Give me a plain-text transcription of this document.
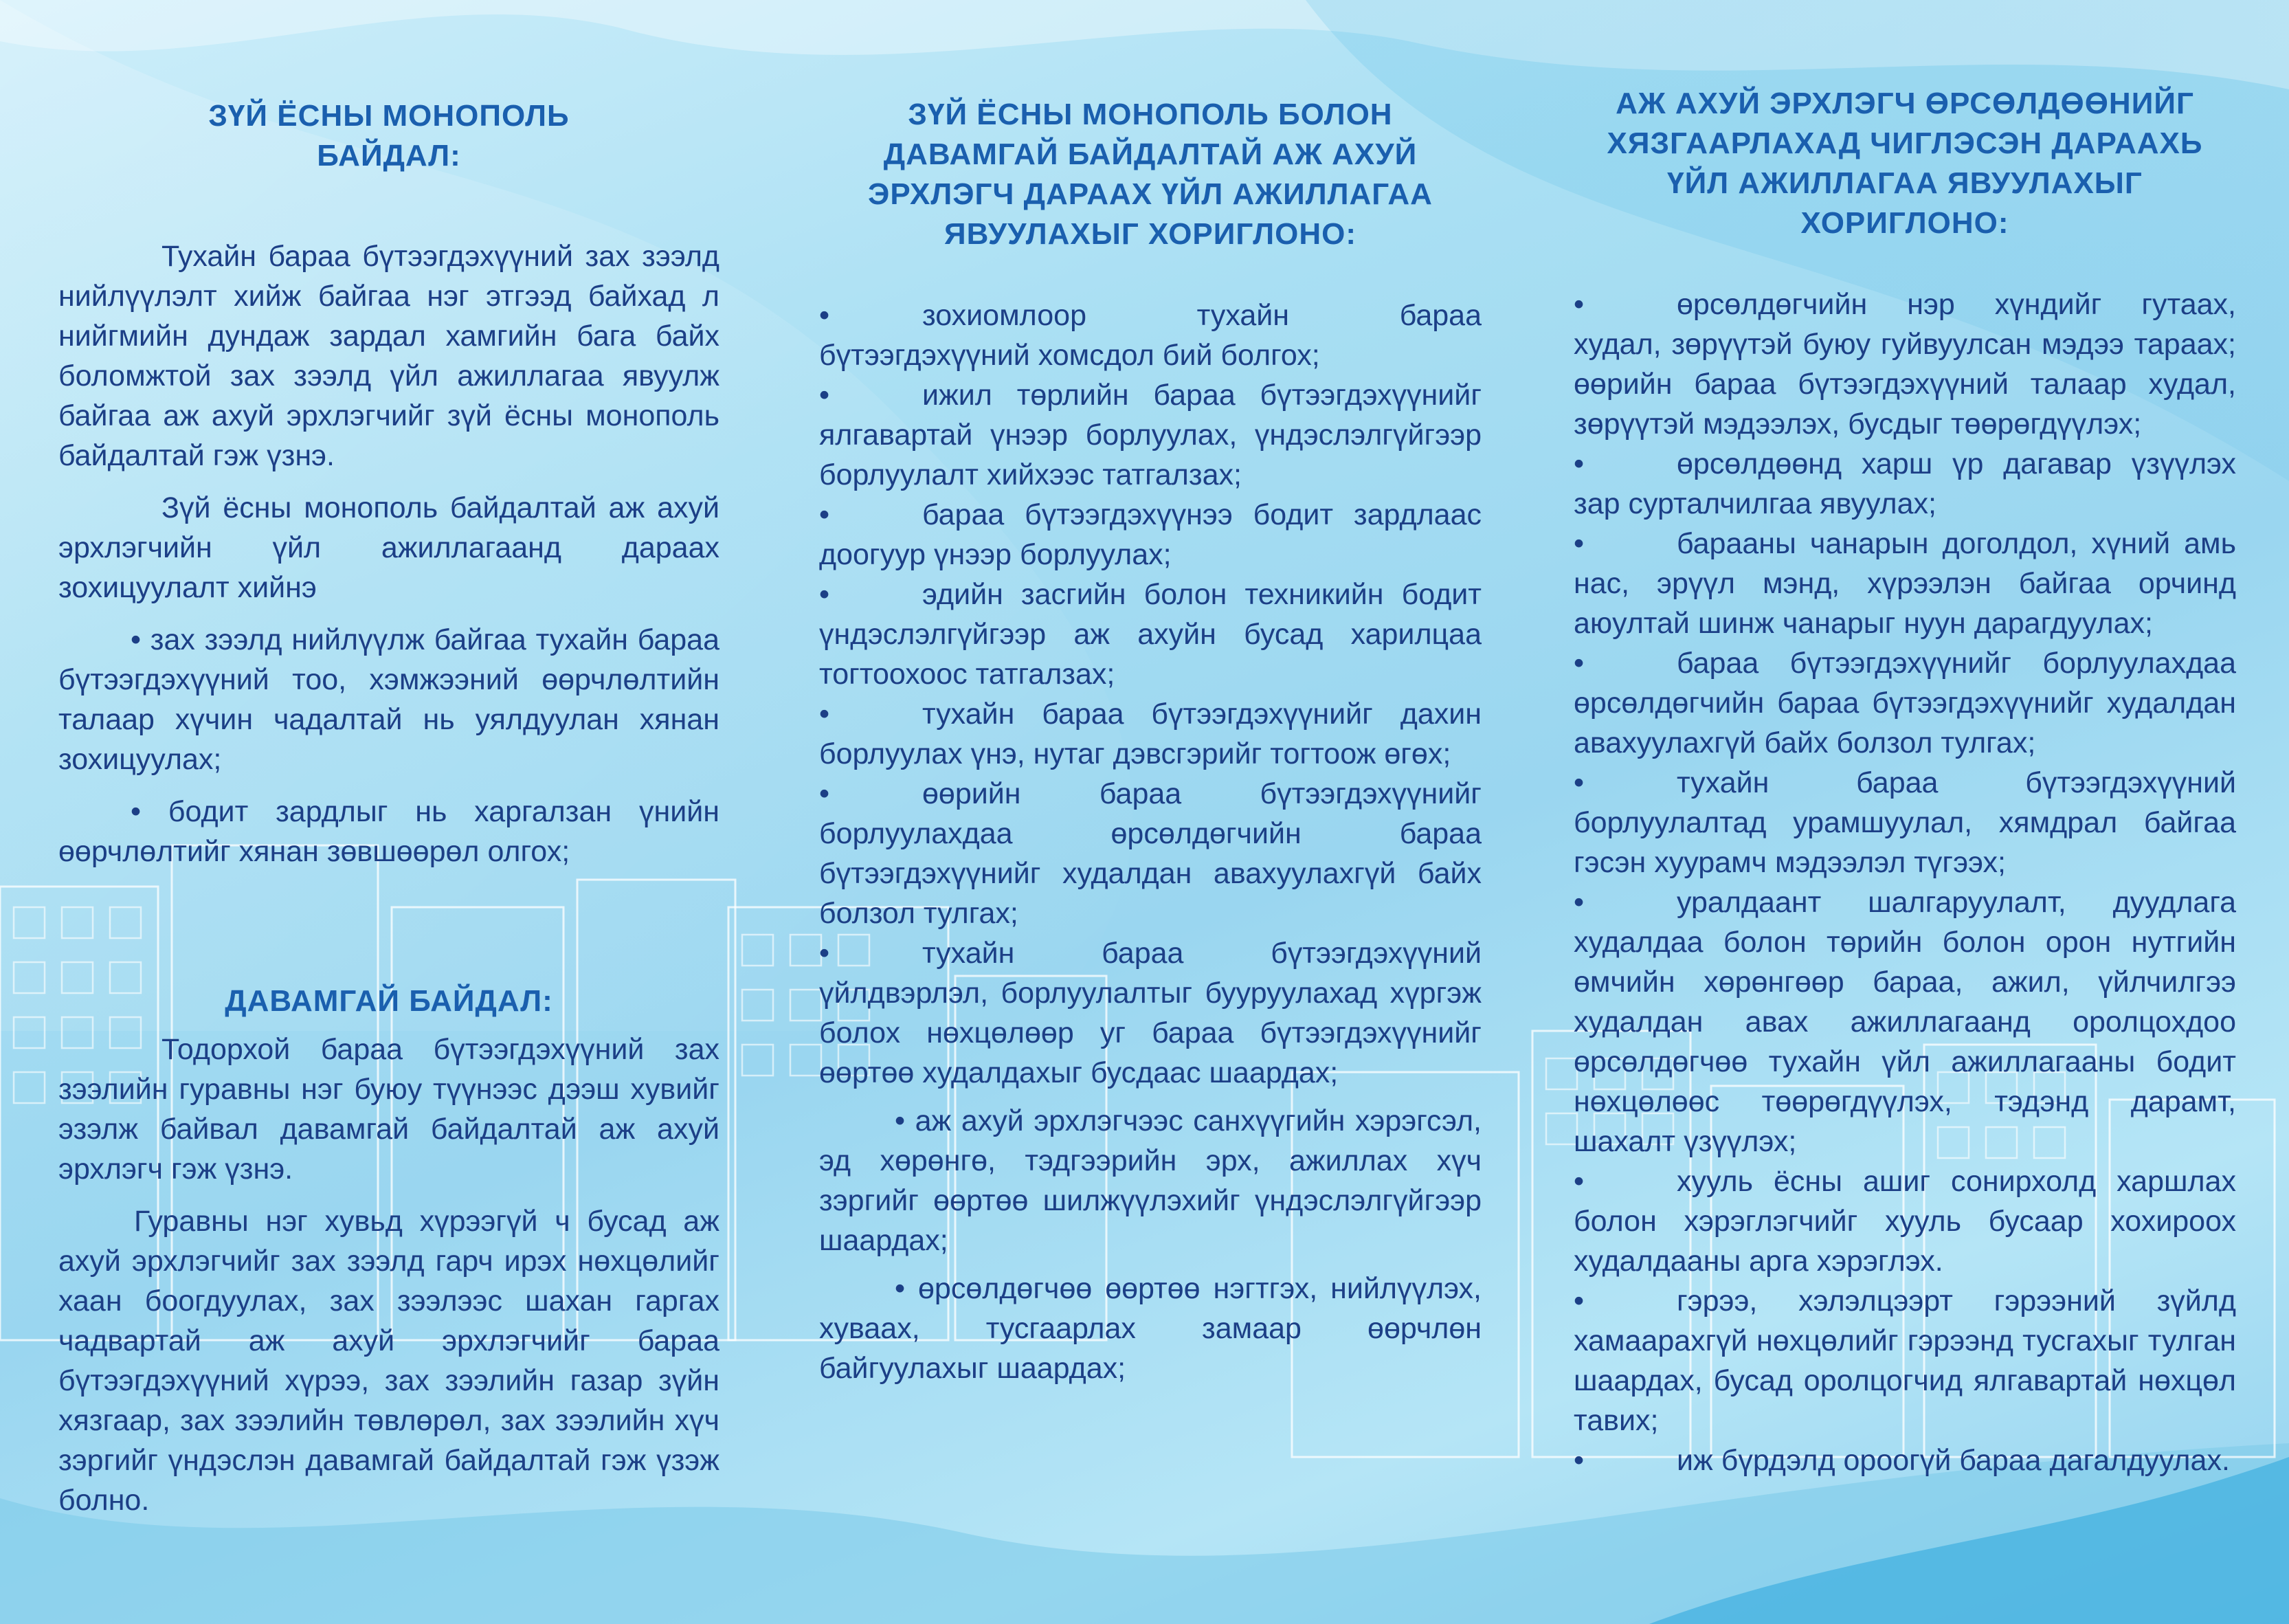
ЗҮЙ ЁСНЫ МОНОПОЛЬ
БАЙДАЛ:

Тухайн бараа бүтээгдэхүүний зах зээлд нийлүүлэлт хийж байгаа нэг этгээд байхад л нийгмийн дундаж зардал хамгийн бага байх боломжтой зах зээлд үйл ажиллагаа явуулж байгаа аж ахуй эрхлэгчийг зүй ёсны монополь байдалтай гэж үзнэ.

Зүй ёсны монополь байдалтай аж ахуй эрхлэгчийн үйл ажиллагаанд дараах зохицуулалт хийнэ

• зах зээлд нийлүүлж байгаа тухайн бараа бүтээгдэхүүний тоо, хэмжээний өөрчлөлтийн талаар хүчин чадалтай нь уялдуулан хянан зохицуулах;

• бодит зардлыг нь харгалзан үнийн өөрчлөлтийг хянан зөвшөөрөл олгох;

ДАВАМГАЙ БАЙДАЛ:

Тодорхой бараа бүтээгдэхүүний зах зээлийн гуравны нэг буюу түүнээс дээш хувийг эзэлж байвал давамгай байдалтай аж ахуй эрхлэгч гэж үзнэ.

Гуравны нэг хувьд хүрээгүй ч бусад аж ахуй эрхлэгчийг зах зээлд гарч ирэх нөхцөлийг хаан боогдуулах, зах зээлээс шахан гаргах чадвартай аж ахуй эрхлэгчийг бараа бүтээгдэхүүний хүрээ, зах зээлийн газар зүйн хязгаар, зах зээлийн төвлөрөл, зах зээлийн хүч зэргийг үндэслэн давамгай байдалтай гэж үзэж болно.

ЗҮЙ ЁСНЫ МОНОПОЛЬ БОЛОН ДАВАМГАЙ БАЙДАЛТАЙ АЖ АХУЙ ЭРХЛЭГЧ ДАРААХ ҮЙЛ АЖИЛЛАГАА ЯВУУЛАХЫГ ХОРИГЛОНО:
•	зохиомлоор тухайн бараа бүтээгдэхүүний хомсдол бий болгох;
•	ижил төрлийн бараа бүтээгдэхүүнийг ялгавартай үнээр борлуулах, үндэслэлгүйгээр борлуулалт хийхээс татгалзах;
•	бараа бүтээгдэхүүнээ бодит зардлаас доогуур үнээр борлуулах;
•	эдийн засгийн болон техникийн бодит үндэслэлгүйгээр аж ахуйн бусад харилцаа тогтоохоос татгалзах;
•	тухайн бараа бүтээгдэхүүнийг дахин борлуулах үнэ, нутаг дэвсгэрийг тогтоож өгөх;
•	өөрийн бараа бүтээгдэхүүнийг борлуулахдаа өрсөлдөгчийн бараа бүтээгдэхүүнийг худалдан авахуулахгүй байх болзол тулгах;
•	тухайн бараа бүтээгдэхүүний үйлдвэрлэл, борлуулалтыг бууруулахад хүргэж болох нөхцөлөөр уг бараа бүтээгдэхүүнийг өөртөө худалдахыг бусдаас шаардах;

• аж ахуй эрхлэгчээс санхүүгийн хэрэгсэл, эд хөрөнгө, тэдгээрийн эрх, ажиллах хүч зэргийг өөртөө шилжүүлэхийг үндэслэлгүйгээр шаардах;

• өрсөлдөгчөө өөртөө нэгтгэх, нийлүүлэх, хуваах, тусгаарлах замаар өөрчлөн байгуулахыг шаардах;

АЖ АХУЙ ЭРХЛЭГЧ ӨРСӨЛДӨӨНИЙГ ХЯЗГААРЛАХАД ЧИГЛЭСЭН ДАРААХЬ ҮЙЛ АЖИЛЛАГАА ЯВУУЛАХЫГ ХОРИГЛОНО:
•	өрсөлдөгчийн нэр хүндийг гутаах, худал, зөрүүтэй буюу гуйвуулсан мэдээ тараах; өөрийн бараа бүтээгдэхүүний талаар худал, зөрүүтэй мэдээлэх, бусдыг төөрөгдүүлэх;
•	өрсөлдөөнд харш үр дагавар үзүүлэх зар сурталчилгаа явуулах;
•	барааны чанарын доголдол, хүний амь нас, эрүүл мэнд, хүрээлэн байгаа орчинд аюултай шинж чанарыг нуун дарагдуулах;
•	бараа бүтээгдэхүүнийг борлуулахдаа өрсөлдөгчийн бараа бүтээгдэхүүнийг худалдан авахуулахгүй байх болзол тулгах;
•	тухайн бараа бүтээгдэхүүний борлуулалтад урамшуулал, хямдрал байгаа гэсэн хуурамч мэдээлэл түгээх;
•	уралдаант шалгаруулалт, дуудлага худалдаа болон төрийн болон орон нутгийн өмчийн хөрөнгөөр бараа, ажил, үйлчилгээ худалдан авах ажиллагаанд оролцохдоо өрсөлдөгчөө тухайн үйл ажиллагааны бодит нөхцөлөөс төөрөгдүүлэх, тэдэнд дарамт, шахалт үзүүлэх;
•	хууль ёсны ашиг сонирхолд харшлах болон хэрэглэгчийг хууль бусаар хохироох худалдааны арга хэрэглэх.
•	гэрээ, хэлэлцээрт гэрээний зүйлд хамаарахгүй нөхцөлийг гэрээнд тусгахыг тулган шаардах, бусад оролцогчид ялгавартай нөхцөл тавих;
•	иж бүрдэлд ороогүй бараа дагалдуулах.
